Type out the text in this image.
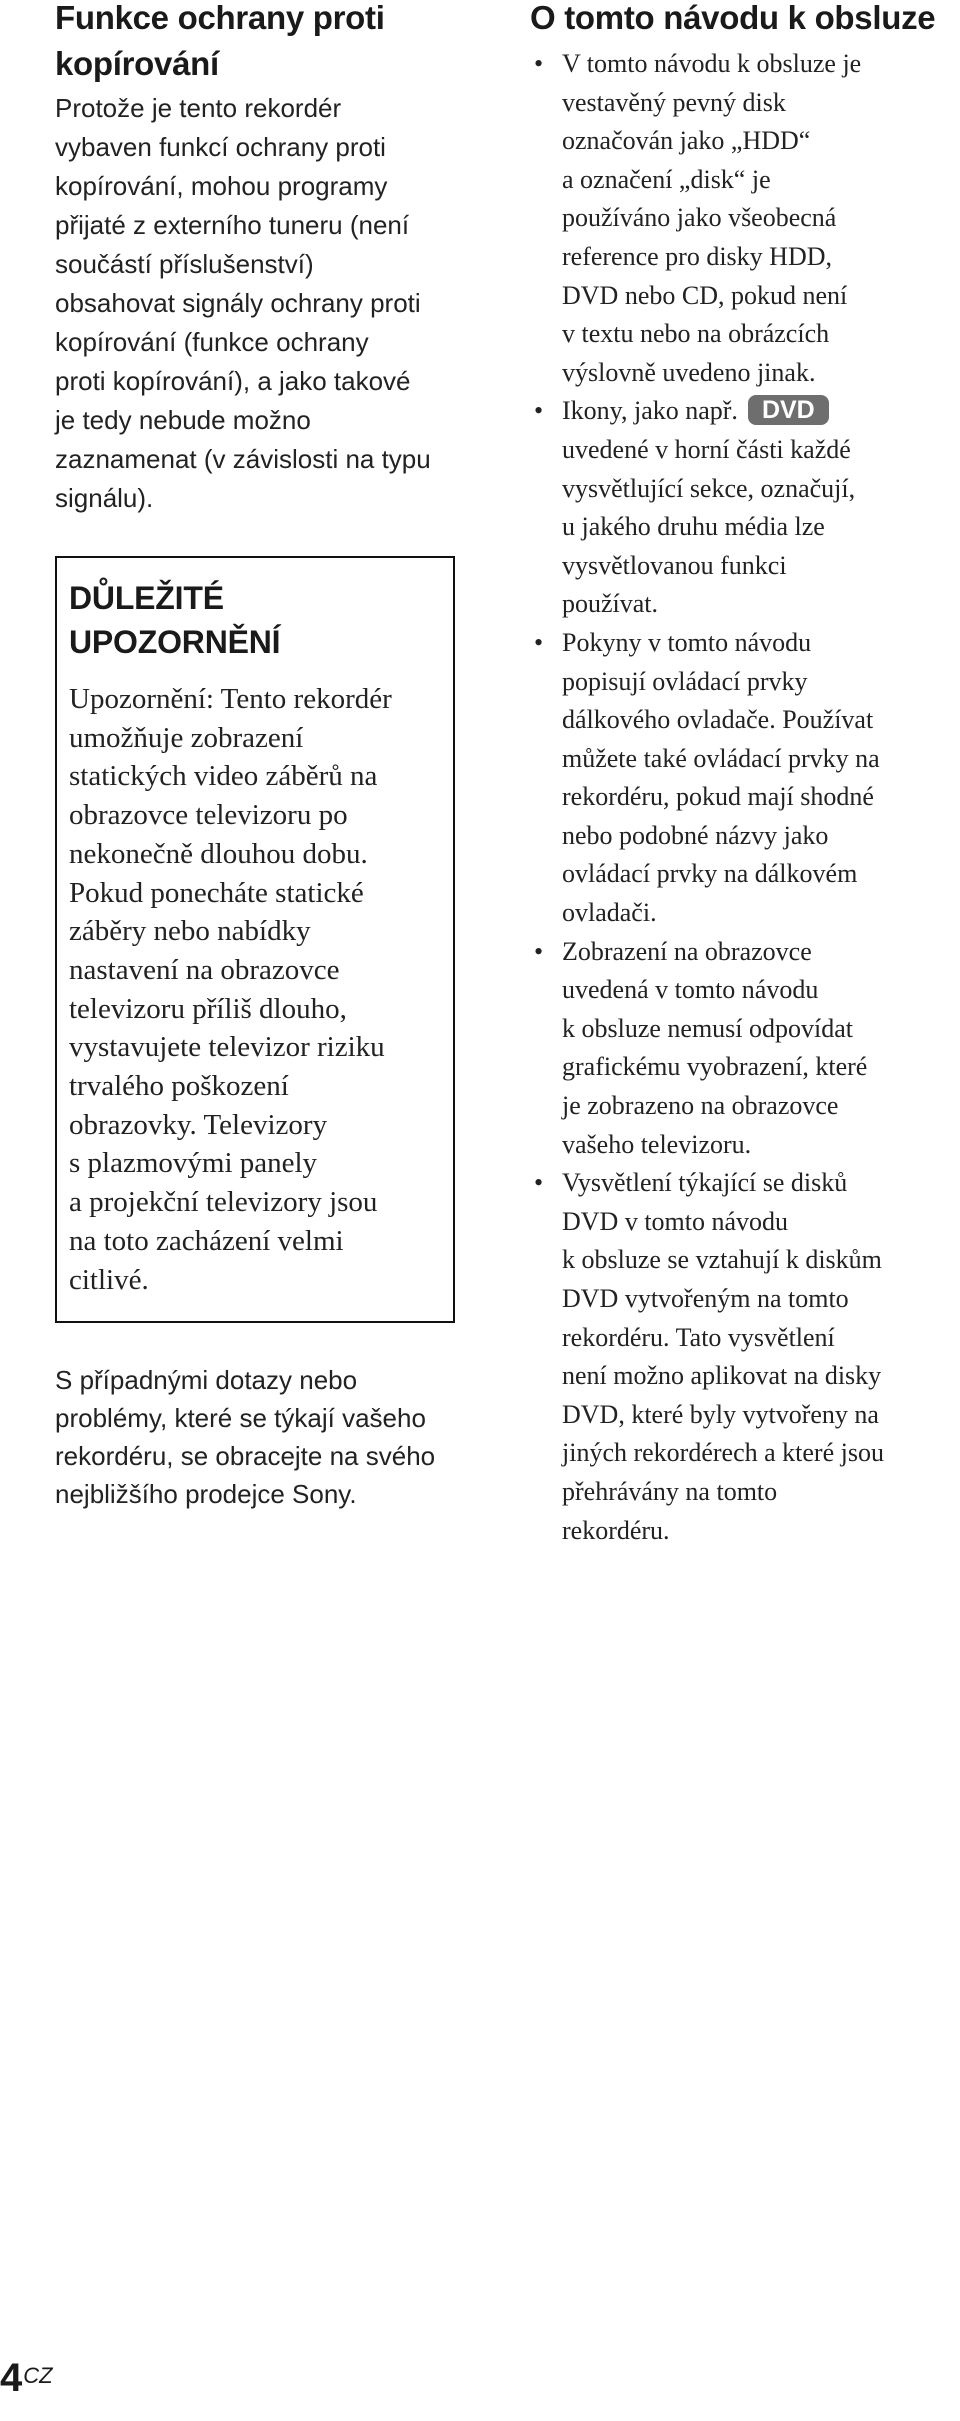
Funkce ochrany proti
kopírování

Protože je tento rekordér
vybaven funkcí ochrany proti
kopírování, mohou programy
přijaté z externího tuneru (není
součástí příslušenství)
obsahovat signály ochrany proti
kopírování (funkce ochrany
proti kopírování), a jako takové
je tedy nebude možno
zaznamenat (v závislosti na typu
signálu).

DŮLEŽITÉ UPOZORNĚNÍ

Upozornění: Tento rekordér
umožňuje zobrazení
statických video záběrů na
obrazovce televizoru po
nekonečně dlouhou dobu.
Pokud ponecháte statické
záběry nebo nabídky
nastavení na obrazovce
televizoru příliš dlouho,
vystavujete televizor riziku
trvalého poškození
obrazovky. Televizory
s plazmovými panely
a projekční televizory jsou
na toto zacházení velmi
citlivé.

S případnými dotazy nebo
problémy, které se týkají vašeho
rekordéru, se obracejte na svého
nejbližšího prodejce Sony.

O tomto návodu k obsluze
• V tomto návodu k obsluze je
vestavěný pevný disk
označován jako „HDD“
a označení „disk“ je
používáno jako všeobecná
reference pro disky HDD,
DVD nebo CD, pokud není
v textu nebo na obrázcích
výslovně uvedeno jinak.
• Ikony, jako např. DVD
uvedené v horní části každé
vysvětlující sekce, označují,
u jakého druhu média lze
vysvětlovanou funkci
používat.
• Pokyny v tomto návodu
popisují ovládací prvky
dálkového ovladače. Používat
můžete také ovládací prvky na
rekordéru, pokud mají shodné
nebo podobné názvy jako
ovládací prvky na dálkovém
ovladači.
• Zobrazení na obrazovce
uvedená v tomto návodu
k obsluze nemusí odpovídat
grafickému vyobrazení, které
je zobrazeno na obrazovce
vašeho televizoru.
• Vysvětlení týkající se disků
DVD v tomto návodu
k obsluze se vztahují k diskům
DVD vytvořeným na tomto
rekordéru. Tato vysvětlení
není možno aplikovat na disky
DVD, které byly vytvořeny na
jiných rekordérech a které jsou
přehrávány na tomto
rekordéru.
4CZ
